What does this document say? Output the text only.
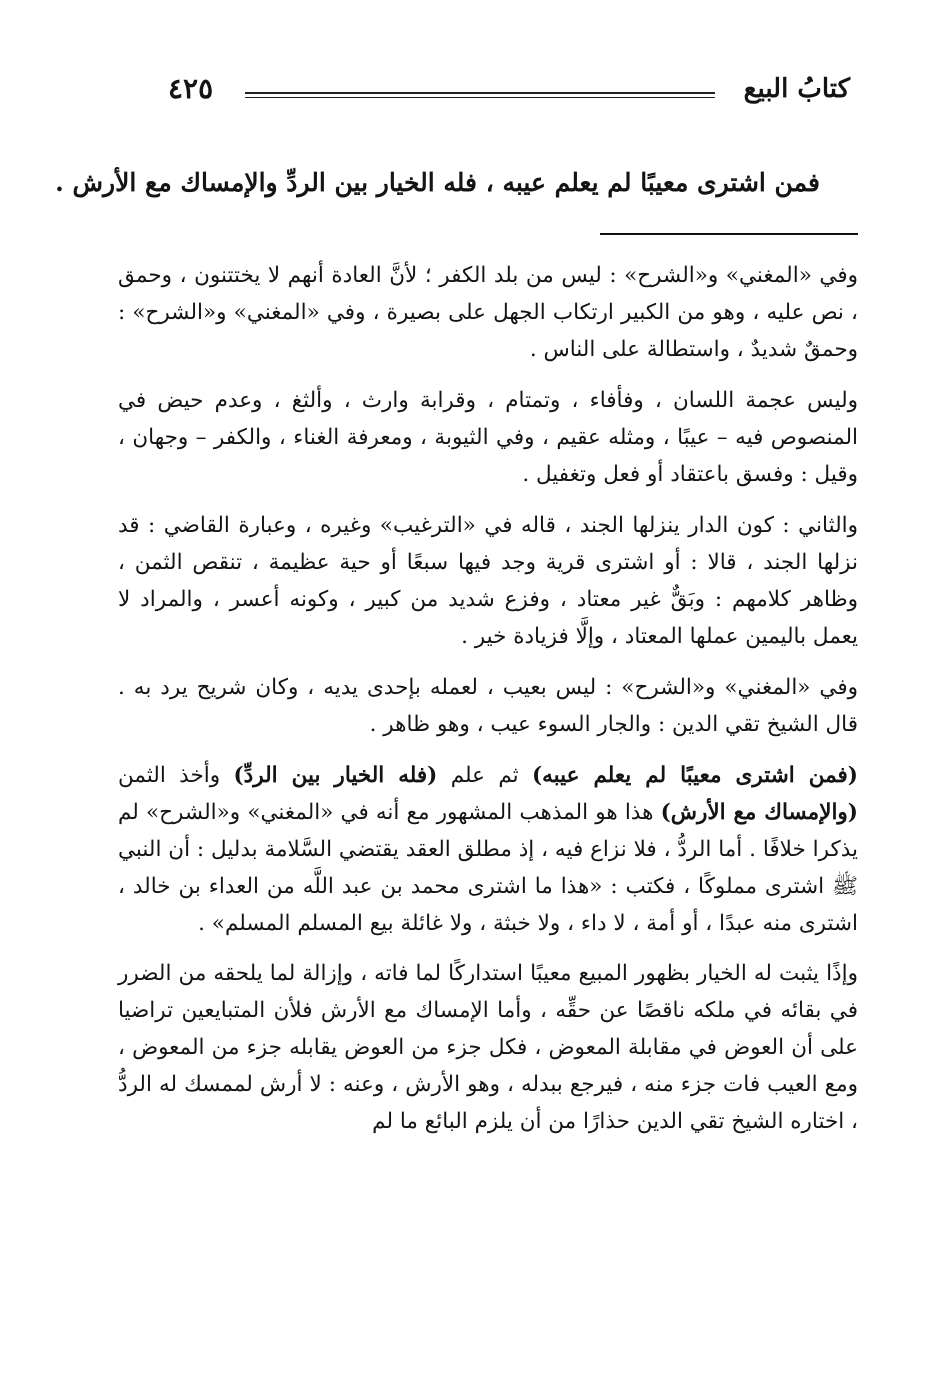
كتابُ البيع
٤٢٥
فمن اشترى معيبًا لم يعلم عيبه ، فله الخيار بين الردِّ والإمساك مع الأرش .

وفي «المغني» و«الشرح» : ليس من بلد الكفر ؛ لأنَّ العادة أنهم لا يختتنون ، وحمق ، نص عليه ، وهو من الكبير ارتكاب الجهل على بصيرة ، وفي «المغني» و«الشرح» : وحمقٌ شديدٌ ، واستطالة على الناس .

وليس عجمة اللسان ، وفأفاء ، وتمتام ، وقرابة وارث ، وألثغ ، وعدم حيض في المنصوص فيه – عيبًا ، ومثله عقيم ، وفي الثيوبة ، ومعرفة الغناء ، والكفر – وجهان ، وقيل : وفسق باعتقاد أو فعل وتغفيل .

والثاني : كون الدار ينزلها الجند ، قاله في «الترغيب» وغيره ، وعبارة القاضي : قد نزلها الجند ، قالا : أو اشترى قرية وجد فيها سبعًا أو حية عظيمة ، تنقص الثمن ، وظاهر كلامهم : وبَقٌّ غير معتاد ، وفزع شديد من كبير ، وكونه أعسر ، والمراد لا يعمل باليمين عملها المعتاد ، وإلَّا فزيادة خير .

وفي «المغني» و«الشرح» : ليس بعيب ، لعمله بإحدى يديه ، وكان شريح يرد به . قال الشيخ تقي الدين : والجار السوء عيب ، وهو ظاهر .

(فمن اشترى معيبًا لم يعلم عيبه) ثم علم (فله الخيار بين الردِّ) وأخذ الثمن (والإمساك مع الأرش) هذا هو المذهب المشهور مع أنه في «المغني» و«الشرح» لم يذكرا خلافًا . أما الردُّ ، فلا نزاع فيه ، إذ مطلق العقد يقتضي السَّلامة بدليل : أن النبي ﷺ اشترى مملوكًا ، فكتب : «هذا ما اشترى محمد بن عبد اللَّه من العداء بن خالد ، اشترى منه عبدًا ، أو أمة ، لا داء ، ولا خبثة ، ولا غائلة بيع المسلم المسلم» .

وإذًا يثبت له الخيار بظهور المبيع معيبًا استداركًا لما فاته ، وإزالة لما يلحقه من الضرر في بقائه في ملكه ناقصًا عن حقِّه ، وأما الإمساك مع الأرش فلأن المتبايعين تراضيا على أن العوض في مقابلة المعوض ، فكل جزء من العوض يقابله جزء من المعوض ، ومع العيب فات جزء منه ، فيرجع ببدله ، وهو الأرش ، وعنه : لا أرش لممسك له الردُّ ، اختاره الشيخ تقي الدين حذارًا من أن يلزم البائع ما لم
